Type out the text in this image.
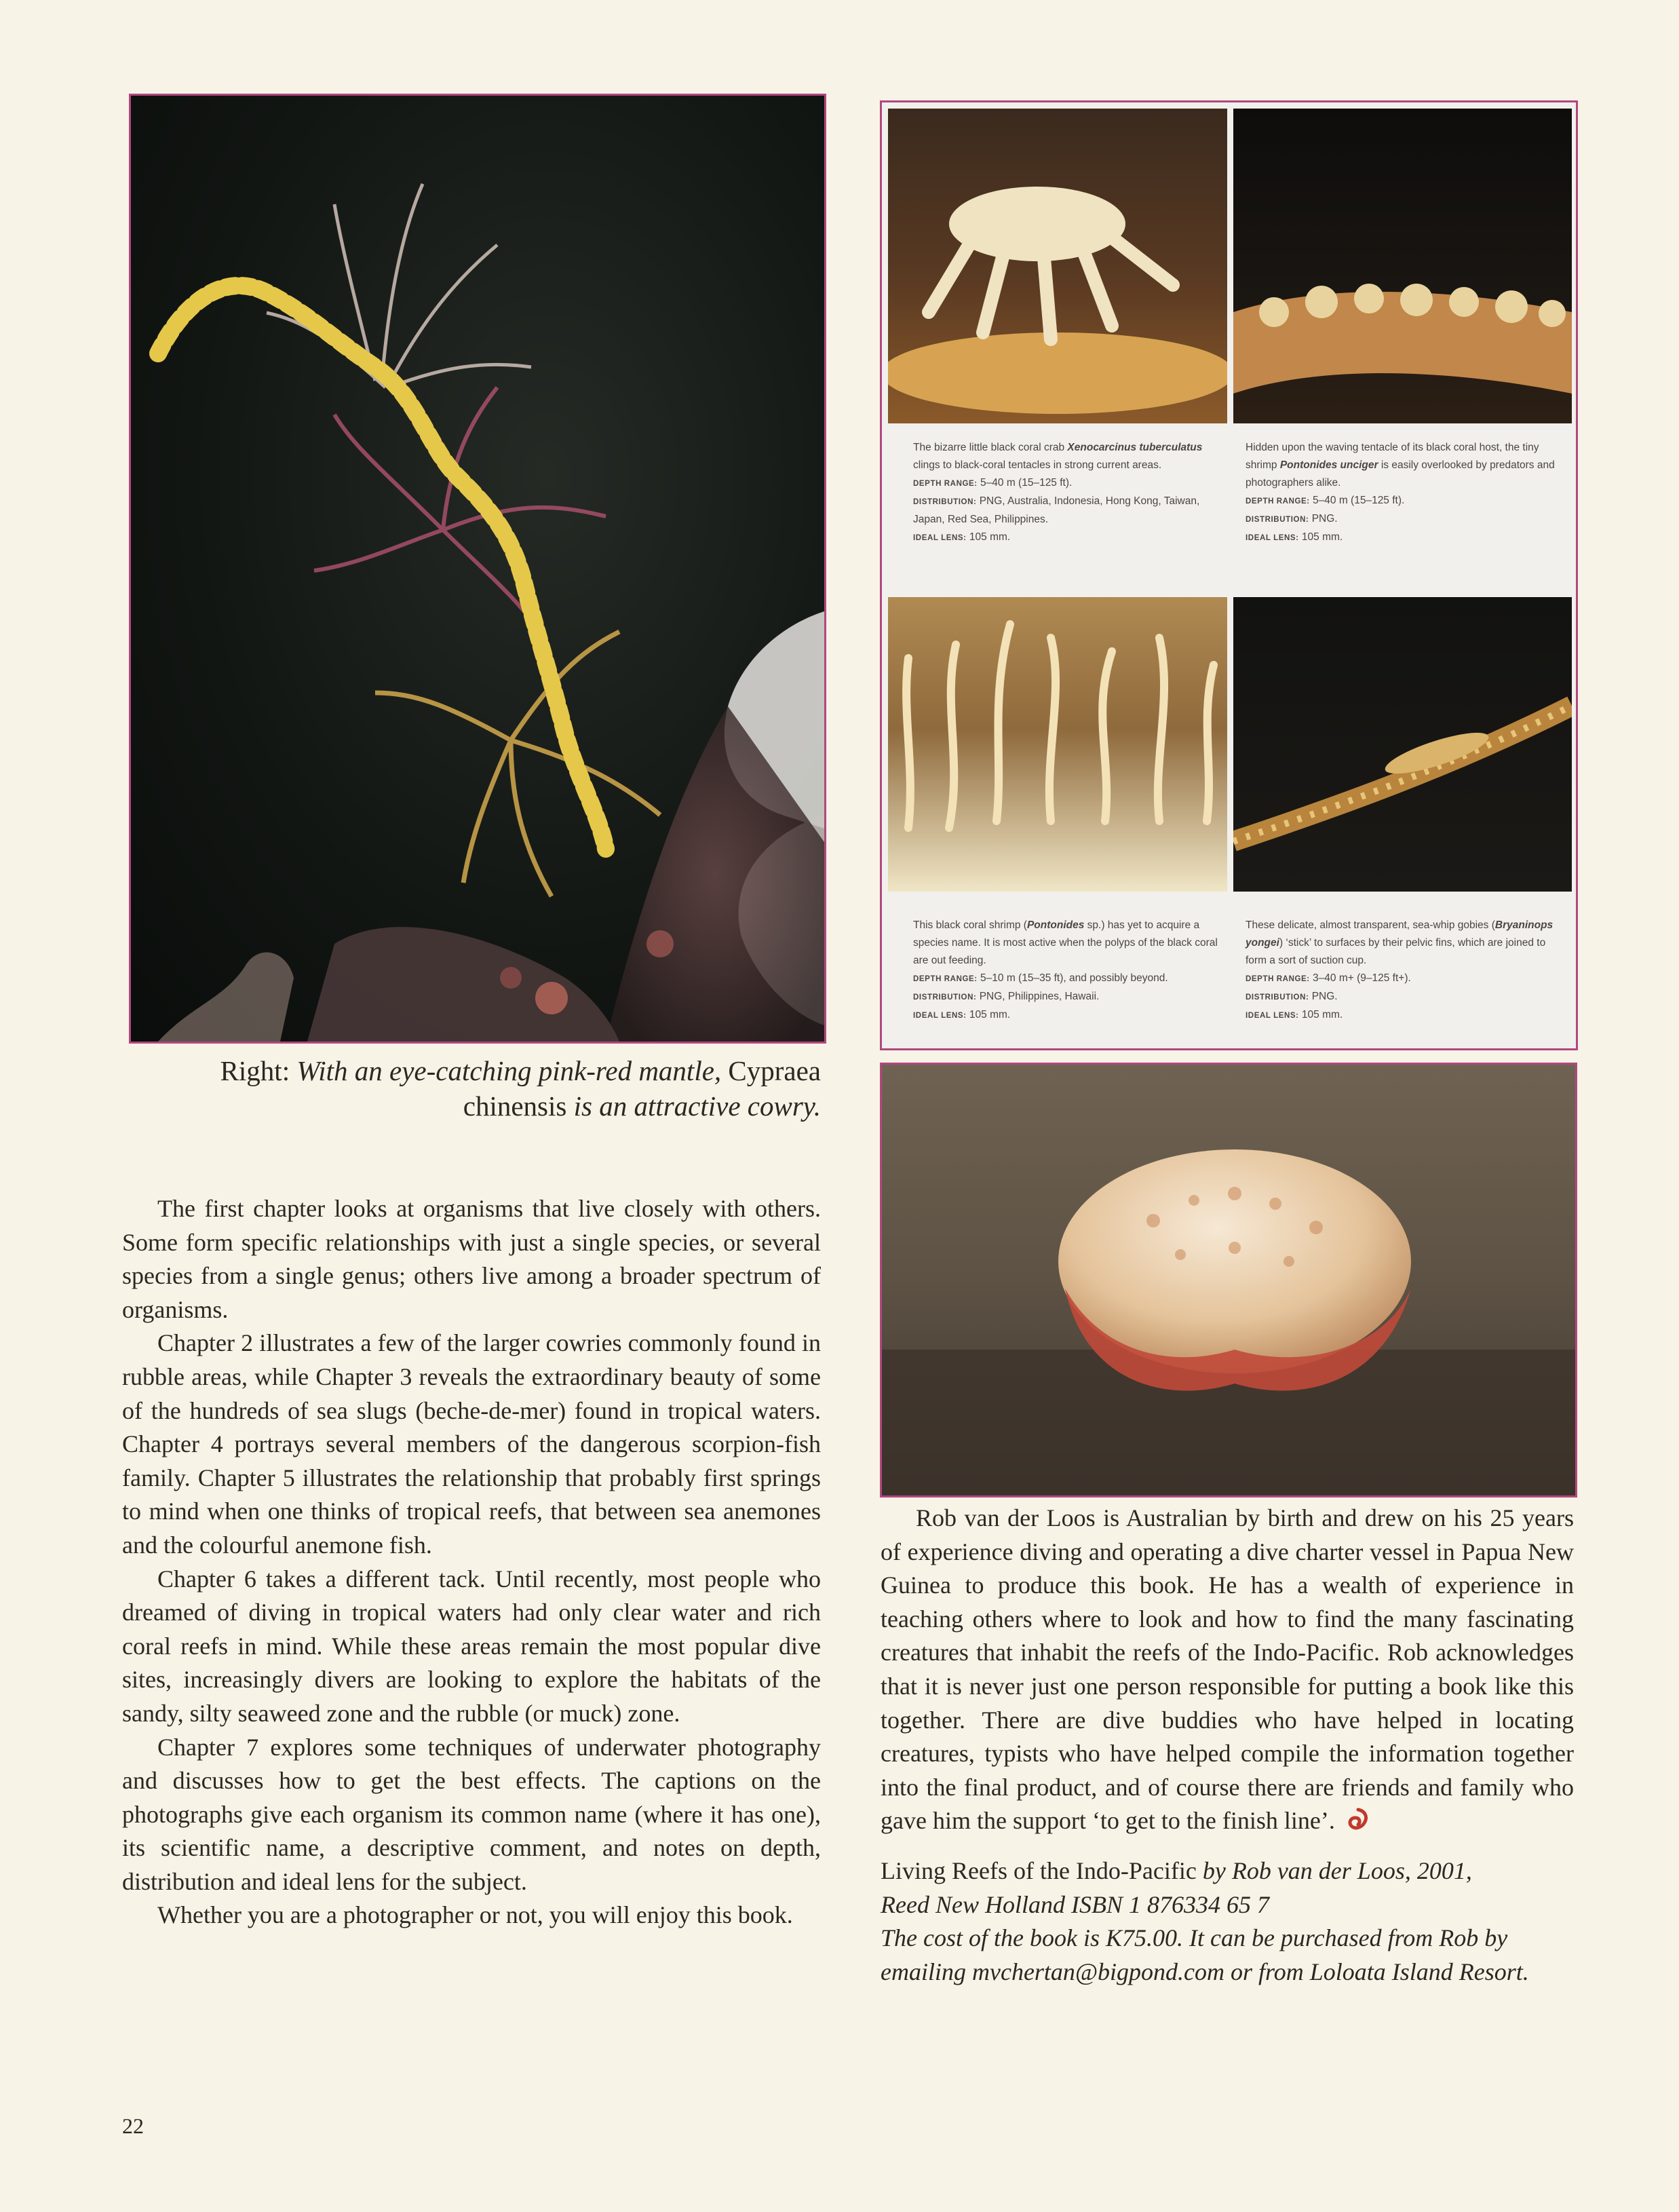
The bizarre little black coral crab Xenocarcinus tuberculatus clings to black-coral tentacles in strong current areas.

DEPTH RANGE: 5–40 m (15–125 ft).

DISTRIBUTION: PNG, Australia, Indonesia, Hong Kong, Taiwan, Japan, Red Sea, Philippines.

IDEAL LENS: 105 mm.

Hidden upon the waving tentacle of its black coral host, the tiny shrimp Pontonides unciger is easily overlooked by predators and photographers alike.

DEPTH RANGE: 5–40 m (15–125 ft).

DISTRIBUTION: PNG.

IDEAL LENS: 105 mm.

This black coral shrimp (Pontonides sp.) has yet to acquire a species name. It is most active when the polyps of the black coral are out feeding.

DEPTH RANGE: 5–10 m (15–35 ft), and possibly beyond.

DISTRIBUTION: PNG, Philippines, Hawaii.

IDEAL LENS: 105 mm.

These delicate, almost transparent, sea-whip gobies (Bryaninops yongei) ‘stick’ to surfaces by their pelvic fins, which are joined to form a sort of suction cup.

DEPTH RANGE: 3–40 m+ (9–125 ft+).

DISTRIBUTION: PNG.

IDEAL LENS: 105 mm.

Right: With an eye-catching pink-red mantle, Cypraea
chinensis is an attractive cowry.

The first chapter looks at organisms that live closely with others. Some form specific relationships with just a single species, or several species from a single genus; others live among a broader spectrum of organisms.

Chapter 2 illustrates a few of the larger cowries commonly found in rubble areas, while Chapter 3 reveals the extraordinary beauty of some of the hundreds of sea slugs (beche-de-mer) found in tropical waters. Chapter 4 portrays several members of the dangerous scorpion-fish family. Chapter 5 illustrates the relationship that probably first springs to mind when one thinks of tropical reefs, that between sea anemones and the colourful anemone fish.

Chapter 6 takes a different tack. Until recently, most people who dreamed of diving in tropical waters had only clear water and rich coral reefs in mind. While these areas remain the most popular dive sites, increasingly divers are looking to explore the habitats of the sandy, silty seaweed zone and the rubble (or muck) zone.

Chapter 7 explores some techniques of underwater photography and discusses how to get the best effects. The captions on the photographs give each organism its common name (where it has one), its scientific name, a descriptive comment, and notes on depth, distribution and ideal lens for the subject.

Whether you are a photographer or not, you will enjoy this book.

Rob van der Loos is Australian by birth and drew on his 25 years of experience diving and operating a dive charter vessel in Papua New Guinea to produce this book. He has a wealth of experience in teaching others where to look and how to find the many fascinating creatures that inhabit the reefs of the Indo-Pacific. Rob acknowledges that it is never just one person responsible for putting a book like this together. There are dive buddies who have helped in locating creatures, typists who have helped compile the information together into the final product, and of course there are friends and family who gave him the support ‘to get to the finish line’.

Living Reefs of the Indo-Pacific by Rob van der Loos, 2001,
Reed New Holland ISBN 1 876334 65 7
The cost of the book is K75.00. It can be purchased from Rob by emailing mvchertan@bigpond.com or from Loloata Island Resort.

22
